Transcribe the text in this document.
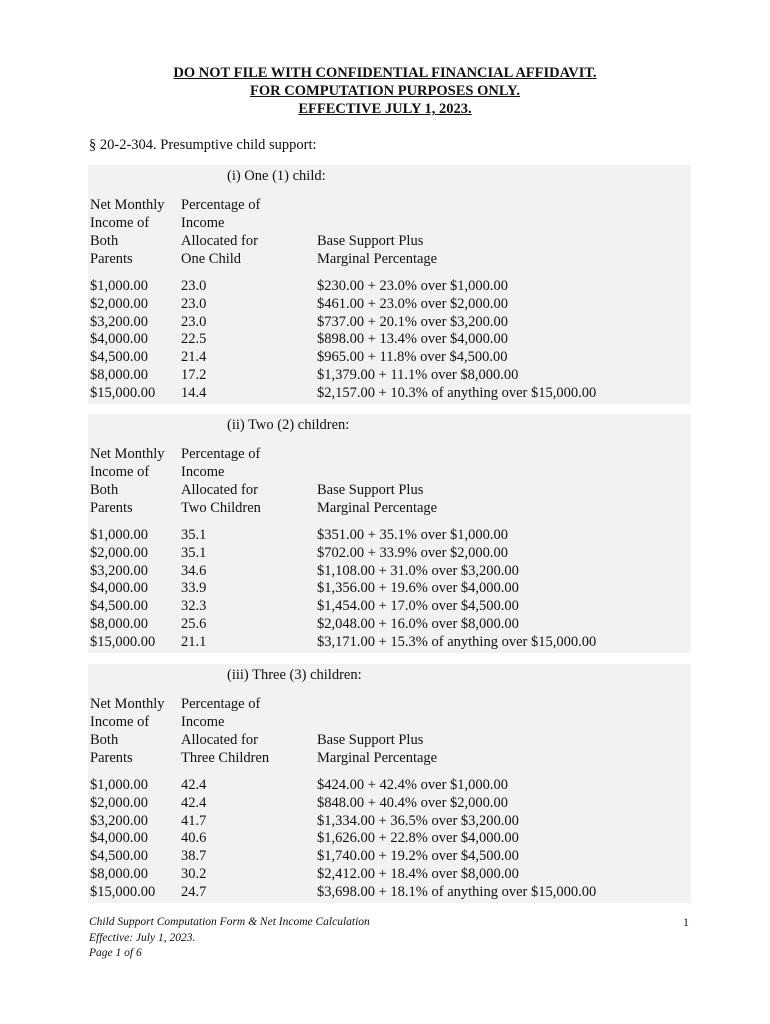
DO NOT FILE WITH CONFIDENTIAL FINANCIAL AFFIDAVIT.
FOR COMPUTATION PURPOSES ONLY.
EFFECTIVE JULY 1, 2023.
§ 20-2-304. Presumptive child support:
(i) One (1) child:
Net Monthly
Income of
Both
Parents
Percentage of
Income
Allocated for
One Child
Base Support Plus
Marginal Percentage
$1,000.00 23.0	$230.00 + 23.0% over $1,000.00
$2,000.00 23.0	$461.00 + 23.0% over $2,000.00
$3,200.00 23.0	$737.00 + 20.1% over $3,200.00
$4,000.00 22.5	$898.00 + 13.4% over $4,000.00
$4,500.00 21.4	$965.00 + 11.8% over $4,500.00
$8,000.00 17.2	$1,379.00 + 11.1% over $8,000.00
$15,000.00 14.4	$2,157.00 + 10.3% of anything over $15,000.00
(ii) Two (2) children:
Net Monthly
Income of
Both
Parents
Percentage of
Income
Allocated for
Two Children
Base Support Plus
Marginal Percentage
$1,000.00 35.1	$351.00 + 35.1% over $1,000.00
$2,000.00 35.1	$702.00 + 33.9% over $2,000.00
$3,200.00 34.6	$1,108.00 + 31.0% over $3,200.00
$4,000.00 33.9	$1,356.00 + 19.6% over $4,000.00
$4,500.00 32.3	$1,454.00 + 17.0% over $4,500.00
$8,000.00 25.6	$2,048.00 + 16.0% over $8,000.00
$15,000.00 21.1	$3,171.00 + 15.3% of anything over $15,000.00
(iii) Three (3) children:
Net Monthly
Income of
Both
Parents
Percentage of
Income
Allocated for
Three Children
Base Support Plus
Marginal Percentage
$1,000.00 42.4	$424.00 + 42.4% over $1,000.00
$2,000.00 42.4	$848.00 + 40.4% over $2,000.00
$3,200.00 41.7	$1,334.00 + 36.5% over $3,200.00
$4,000.00 40.6	$1,626.00 + 22.8% over $4,000.00
$4,500.00 38.7	$1,740.00 + 19.2% over $4,500.00
$8,000.00 30.2	$2,412.00 + 18.4% over $8,000.00
$15,000.00 24.7	$3,698.00 + 18.1% of anything over $15,000.00
Child Support Computation Form & Net Income Calculation
Effective: July 1, 2023.
Page 1 of 6
1
